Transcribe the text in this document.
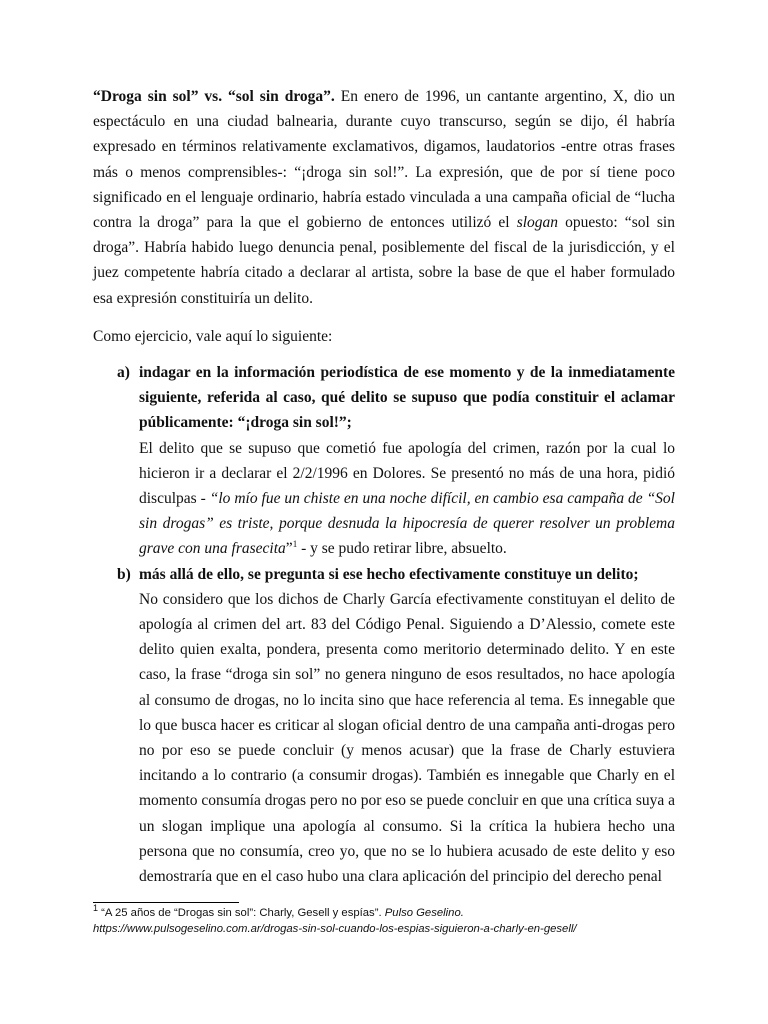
“Droga sin sol” vs. “sol sin droga”. En enero de 1996, un cantante argentino, X, dio un espectáculo en una ciudad balnearia, durante cuyo transcurso, según se dijo, él habría expresado en términos relativamente exclamativos, digamos, laudatorios -entre otras frases más o menos comprensibles-: “¡droga sin sol!”. La expresión, que de por sí tiene poco significado en el lenguaje ordinario, habría estado vinculada a una campaña oficial de “lucha contra la droga” para la que el gobierno de entonces utilizó el slogan opuesto: “sol sin droga”. Habría habido luego denuncia penal, posiblemente del fiscal de la jurisdicción, y el juez competente habría citado a declarar al artista, sobre la base de que el haber formulado esa expresión constituiría un delito.

Como ejercicio, vale aquí lo siguiente:

a) indagar en la información periodística de ese momento y de la inmediatamente siguiente, referida al caso, qué delito se supuso que podía constituir el aclamar públicamente: “¡droga sin sol!”;

El delito que se supuso que cometió fue apología del crimen, razón por la cual lo hicieron ir a declarar el 2/2/1996 en Dolores. Se presentó no más de una hora, pidió disculpas - “lo mío fue un chiste en una noche difícil, en cambio esa campaña de “Sol sin drogas” es triste, porque desnuda la hipocresía de querer resolver un problema grave con una frasecita”$^1$ - y se pudo retirar libre, absuelto.

b) más allá de ello, se pregunta si ese hecho efectivamente constituye un delito;

No considero que los dichos de Charly García efectivamente constituyan el delito de apología al crimen del art. 83 del Código Penal. Siguiendo a D’Alessio, comete este delito quien exalta, pondera, presenta como meritorio determinado delito. Y en este caso, la frase “droga sin sol” no genera ninguno de esos resultados, no hace apología al consumo de drogas, no lo incita sino que hace referencia al tema. Es innegable que lo que busca hacer es criticar al slogan oficial dentro de una campaña anti-drogas pero no por eso se puede concluir (y menos acusar) que la frase de Charly estuviera incitando a lo contrario (a consumir drogas). También es innegable que Charly en el momento consumía drogas pero no por eso se puede concluir en que una crítica suya a un slogan implique una apología al consumo. Si la crítica la hubiera hecho una persona que no consumía, creo yo, que no se lo hubiera acusado de este delito y eso demostraría que en el caso hubo una clara aplicación del principio del derecho penal

$^1$ “A 25 años de “Drogas sin sol”: Charly, Gesell y espías”. Pulso Geselino.
https://www.pulsogeselino.com.ar/drogas-sin-sol-cuando-los-espias-siguieron-a-charly-en-gesell/
